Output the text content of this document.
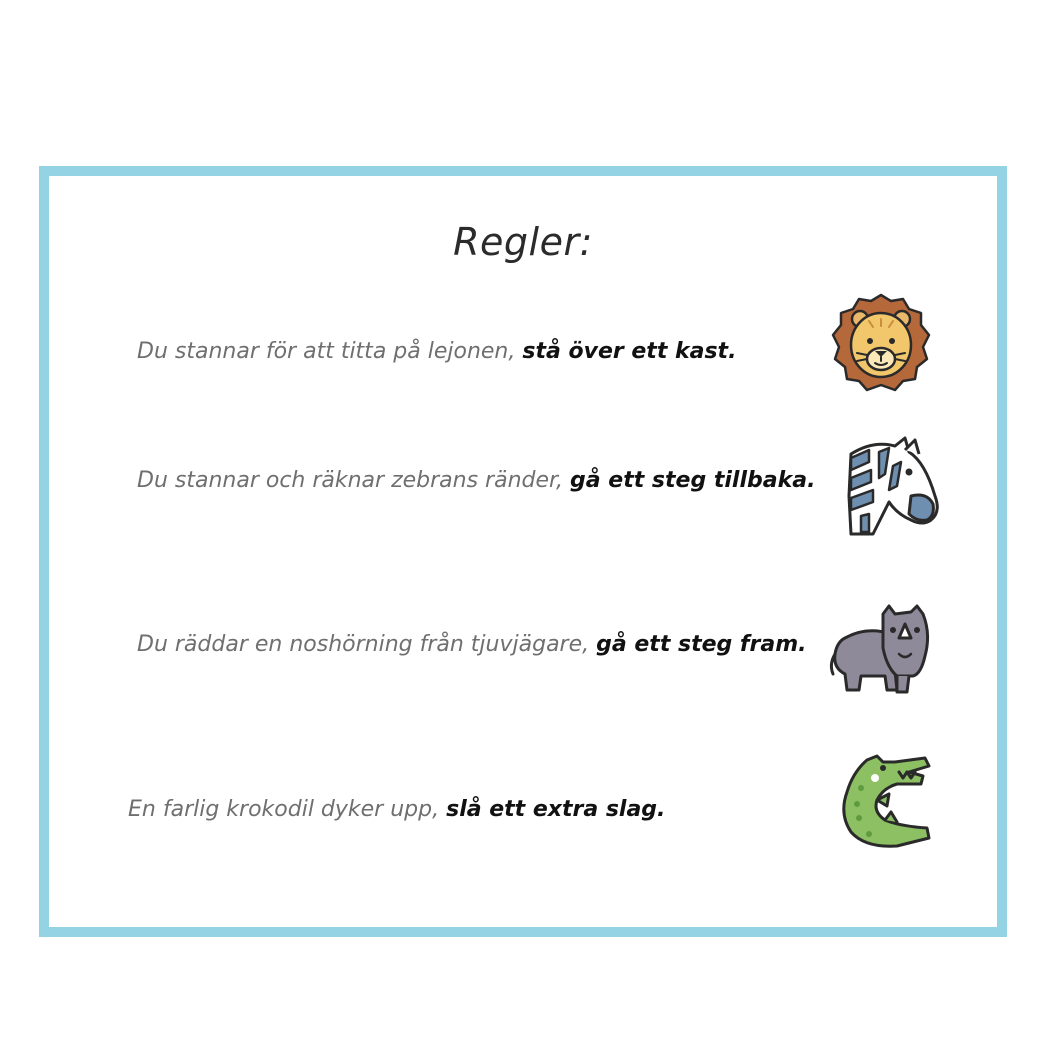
Regler:
Du stannar för att titta på lejonen, stå över ett kast.
Du stannar och räknar zebrans ränder, gå ett steg tillbaka.
Du räddar en noshörning från tjuvjägare, gå ett steg fram.
En farlig krokodil dyker upp, slå ett extra slag.
